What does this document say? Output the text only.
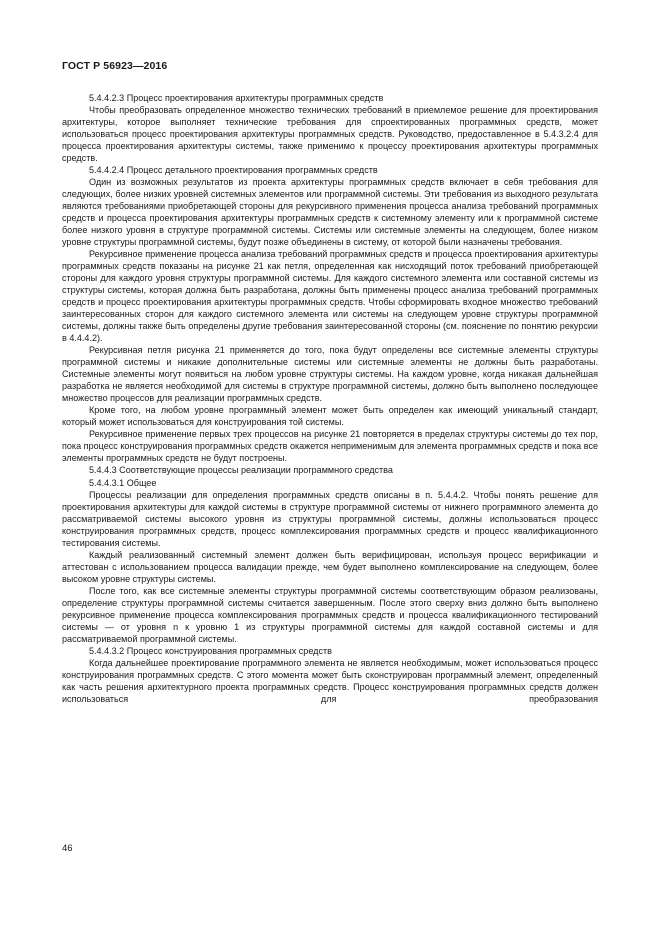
ГОСТ Р 56923—2016

5.4.4.2.3 Процесс проектирования архитектуры программных средств

Чтобы преобразовать определенное множество технических требований в приемлемое решение для проектирования архитектуры, которое выполняет технические требования для спроектированных программных средств, может использоваться процесс проектирования архитектуры программных средств. Руководство, предоставленное в 5.4.3.2.4 для процесса проектирования архитектуры системы, также применимо к процессу проектирования архитектуры программных средств.

5.4.4.2.4 Процесс детального проектирования программных средств

Один из возможных результатов из проекта архитектуры программных средств включает в себя требования для следующих, более низких уровней системных элементов или программной системы. Эти требования из выходного результата являются требованиями приобретающей стороны для рекурсивного применения процесса анализа требований программных средств и процесса проектирования архитектуры программных средств к системному элементу или к программной системе более низкого уровня в структуре программной системы. Системы или системные элементы на следующем, более низком уровне структуры программной системы, будут позже объединены в систему, от которой были назначены требования.

Рекурсивное применение процесса анализа требований программных средств и процесса проектирования архитектуры программных средств показаны на рисунке 21 как петля, определенная как нисходящий поток требований приобретающей стороны для каждого уровня структуры программной системы. Для каждого системного элемента или составной системы из структуры системы, которая должна быть разработана, должны быть применены процесс анализа требований программных средств и процесс проектирования архитектуры программных средств. Чтобы сформировать входное множество требований заинтересованных сторон для каждого системного элемента или системы на следующем уровне структуры программной системы, должны также быть определены другие требования заинтересованной стороны (см. пояснение по понятию рекурсии в 4.4.4.2).

Рекурсивная петля рисунка 21 применяется до того, пока будут определены все системные элементы структуры программной системы и никакие дополнительные системы или системные элементы не должны быть разработаны. Системные элементы могут появиться на любом уровне структуры системы. На каждом уровне, когда никакая дальнейшая разработка не является необходимой для системы в структуре программной системы, должно быть выполнено последующее множество процессов для реализации программных средств.

Кроме того, на любом уровне программный элемент может быть определен как имеющий уникальный стандарт, который может использоваться для конструирования той системы.

Рекурсивное применение первых трех процессов на рисунке 21 повторяется в пределах структуры системы до тех пор, пока процесс конструирования программных средств окажется неприменимым для элемента программных средств и пока все элементы программных средств не будут построены.

5.4.4.3 Соответствующие процессы реализации программного средства

5.4.4.3.1 Общее

Процессы реализации для определения программных средств описаны в п. 5.4.4.2. Чтобы понять решение для проектирования архитектуры для каждой системы в структуре программной системы от нижнего программного элемента до рассматриваемой системы высокого уровня из структуры программной системы, должны использоваться процесс конструирования программных средств, процесс комплексирования программных средств и процесс квалификационного тестирования системы.

Каждый реализованный системный элемент должен быть верифицирован, используя процесс верификации и аттестован с использованием процесса валидации прежде, чем будет выполнено комплексирование на следующем, более высоком уровне структуры системы.

После того, как все системные элементы структуры программной системы соответствующим образом реализованы, определение структуры программной системы считается завершенным. После этого сверху вниз должно быть выполнено рекурсивное применение процесса комплексирования программных средств и процесса квалификационного тестирований системы — от уровня n к уровню 1 из структуры программной системы для каждой составной системы и для рассматриваемой программной системы.

5.4.4.3.2 Процесс конструирования программных средств

Когда дальнейшее проектирование программного элемента не является необходимым, может использоваться процесс конструирования программных средств. С этого момента может быть сконструирован программный элемент, определенный как часть решения архитектурного проекта программных средств. Процесс конструирования программных средств должен использоваться для преобразования

46
